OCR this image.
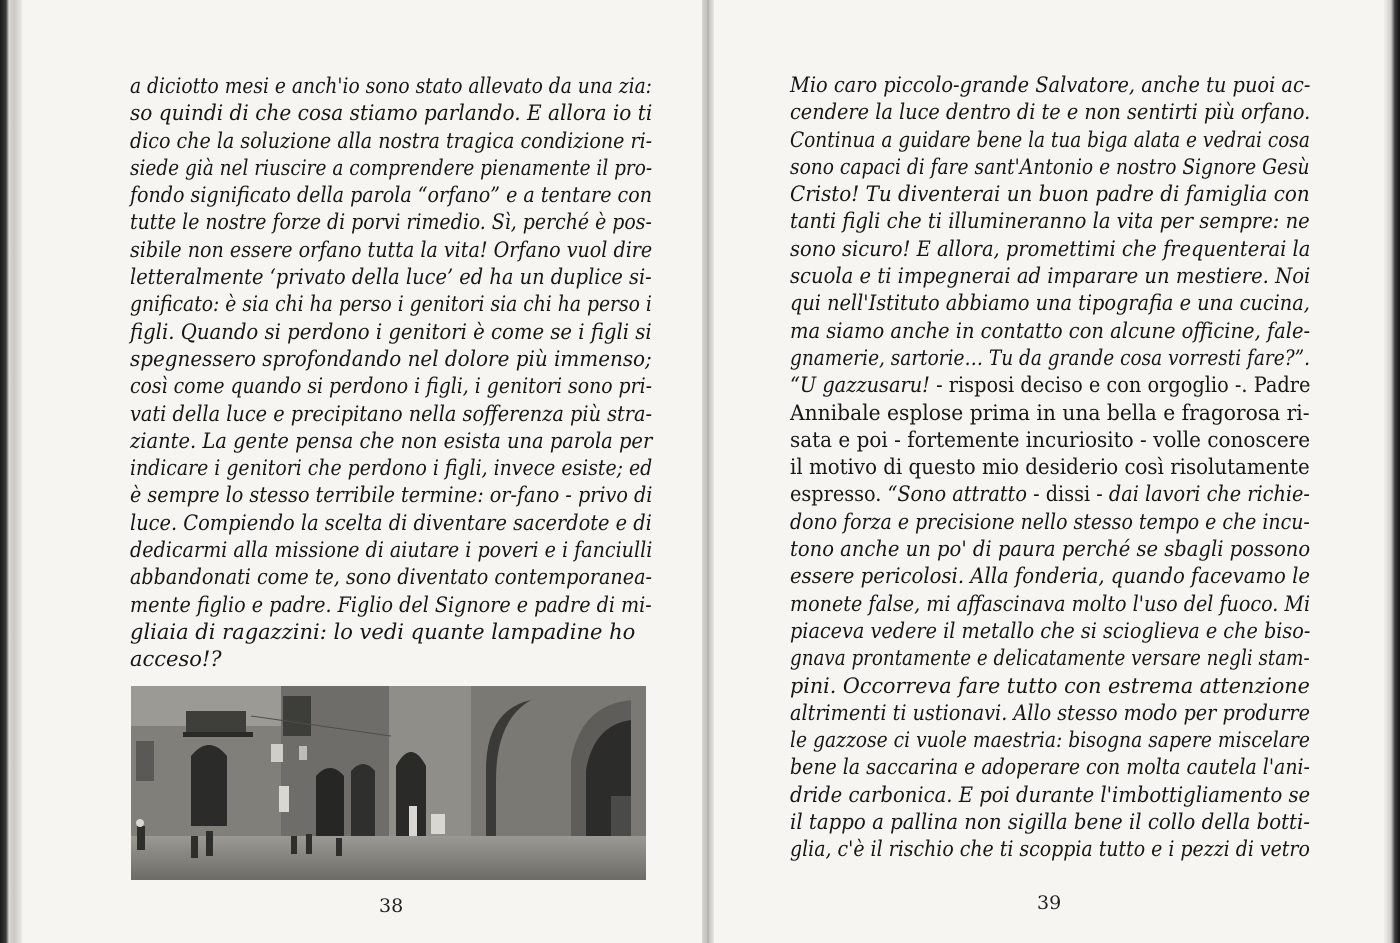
a diciotto mesi e anch'io sono stato allevato da una zia:
so quindi di che cosa stiamo parlando. E allora io ti
dico che la soluzione alla nostra tragica condizione ri-
siede già nel riuscire a comprendere pienamente il pro-
fondo significato della parola “orfano” e a tentare con
tutte le nostre forze di porvi rimedio. Sì, perché è pos-
sibile non essere orfano tutta la vita! Orfano vuol dire
letteralmente ‘privato della luce’ ed ha un duplice si-
gnificato: è sia chi ha perso i genitori sia chi ha perso i
figli. Quando si perdono i genitori è come se i figli si
spegnessero sprofondando nel dolore più immenso;
così come quando si perdono i figli, i genitori sono pri-
vati della luce e precipitano nella sofferenza più stra-
ziante. La gente pensa che non esista una parola per
indicare i genitori che perdono i figli, invece esiste; ed
è sempre lo stesso terribile termine: or-fano - privo di
luce. Compiendo la scelta di diventare sacerdote e di
dedicarmi alla missione di aiutare i poveri e i fanciulli
abbandonati come te, sono diventato contemporanea-
mente figlio e padre. Figlio del Signore e padre di mi-
gliaia di ragazzini: lo vedi quante lampadine ho
acceso!?
38
Mio caro piccolo-grande Salvatore, anche tu puoi ac-
cendere la luce dentro di te e non sentirti più orfano.
Continua a guidare bene la tua biga alata e vedrai cosa
sono capaci di fare sant'Antonio e nostro Signore Gesù
Cristo! Tu diventerai un buon padre di famiglia con
tanti figli che ti illumineranno la vita per sempre: ne
sono sicuro! E allora, promettimi che frequenterai la
scuola e ti impegnerai ad imparare un mestiere. Noi
qui nell'Istituto abbiamo una tipografia e una cucina,
ma siamo anche in contatto con alcune officine, fale-
gnamerie, sartorie… Tu da grande cosa vorresti fare?”.
“U gazzusaru! - risposi deciso e con orgoglio -. Padre
Annibale esplose prima in una bella e fragorosa ri-
sata e poi - fortemente incuriosito - volle conoscere
il motivo di questo mio desiderio così risolutamente
espresso. “Sono attratto - dissi - dai lavori che richie-
dono forza e precisione nello stesso tempo e che incu-
tono anche un po' di paura perché se sbagli possono
essere pericolosi. Alla fonderia, quando facevamo le
monete false, mi affascinava molto l'uso del fuoco. Mi
piaceva vedere il metallo che si scioglieva e che biso-
gnava prontamente e delicatamente versare negli stam-
pini. Occorreva fare tutto con estrema attenzione
altrimenti ti ustionavi. Allo stesso modo per produrre
le gazzose ci vuole maestria: bisogna sapere miscelare
bene la saccarina e adoperare con molta cautela l'ani-
dride carbonica. E poi durante l'imbottigliamento se
il tappo a pallina non sigilla bene il collo della botti-
glia, c'è il rischio che ti scoppia tutto e i pezzi di vetro
39
